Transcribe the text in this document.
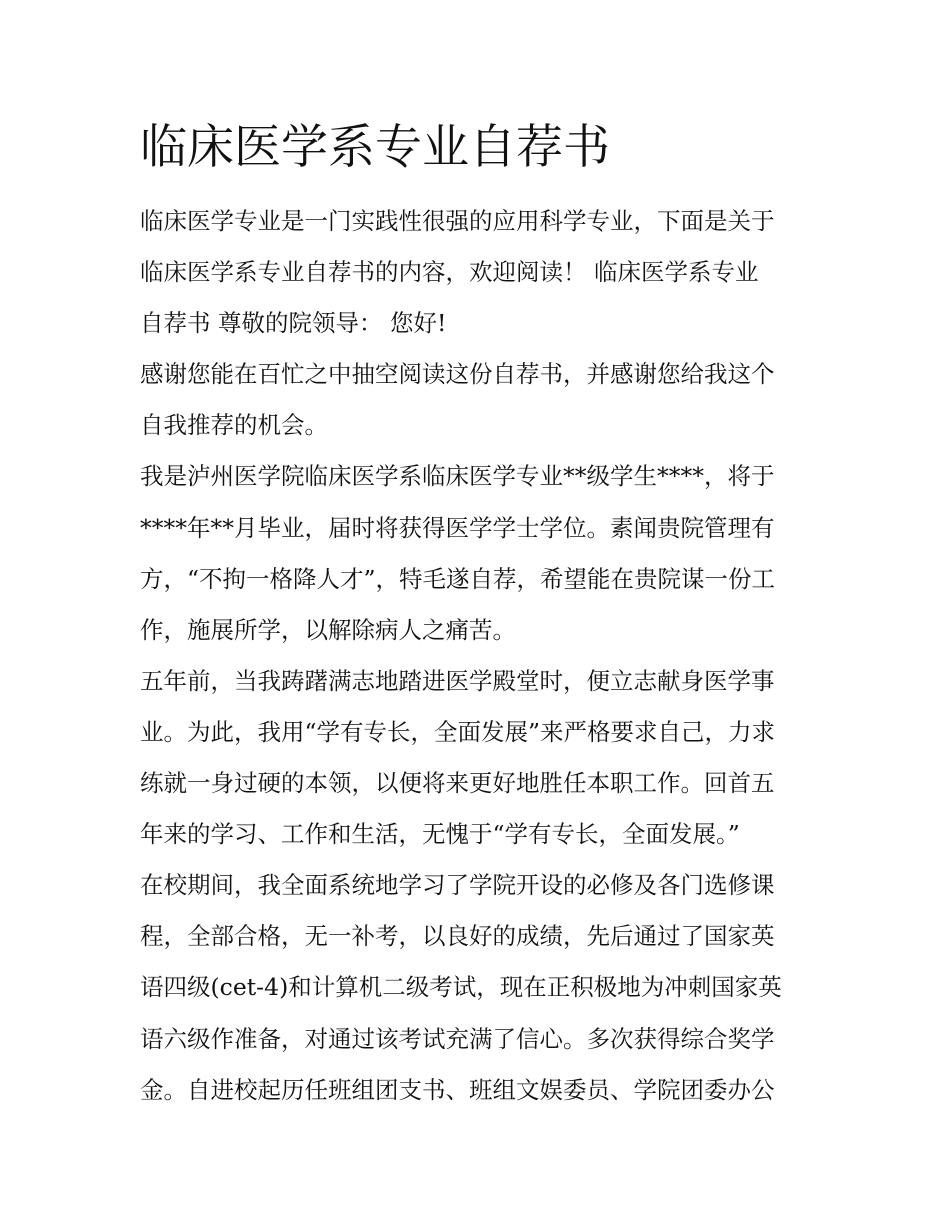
临床医学系专业自荐书
临床医学专业是一门实践性很强的应用科学专业，下面是关于
临床医学系专业自荐书的内容，欢迎阅读！ 临床医学系专业
自荐书 尊敬的院领导： 您好!
感谢您能在百忙之中抽空阅读这份自荐书，并感谢您给我这个
自我推荐的机会。
我是泸州医学院临床医学系临床医学专业**级学生****，将于
****年**月毕业，届时将获得医学学士学位。素闻贵院管理有
方，“不拘一格降人才”，特毛遂自荐，希望能在贵院谋一份工
作，施展所学，以解除病人之痛苦。
五年前，当我踌躇满志地踏进医学殿堂时，便立志献身医学事
业。为此，我用“学有专长，全面发展”来严格要求自己，力求
练就一身过硬的本领，以便将来更好地胜任本职工作。回首五
年来的学习、工作和生活，无愧于“学有专长，全面发展。”
在校期间，我全面系统地学习了学院开设的必修及各门选修课
程，全部合格，无一补考，以良好的成绩，先后通过了国家英
语四级(cet-4)和计算机二级考试，现在正积极地为冲刺国家英
语六级作准备，对通过该考试充满了信心。多次获得综合奖学
金。自进校起历任班组团支书、班组文娱委员、学院团委办公
